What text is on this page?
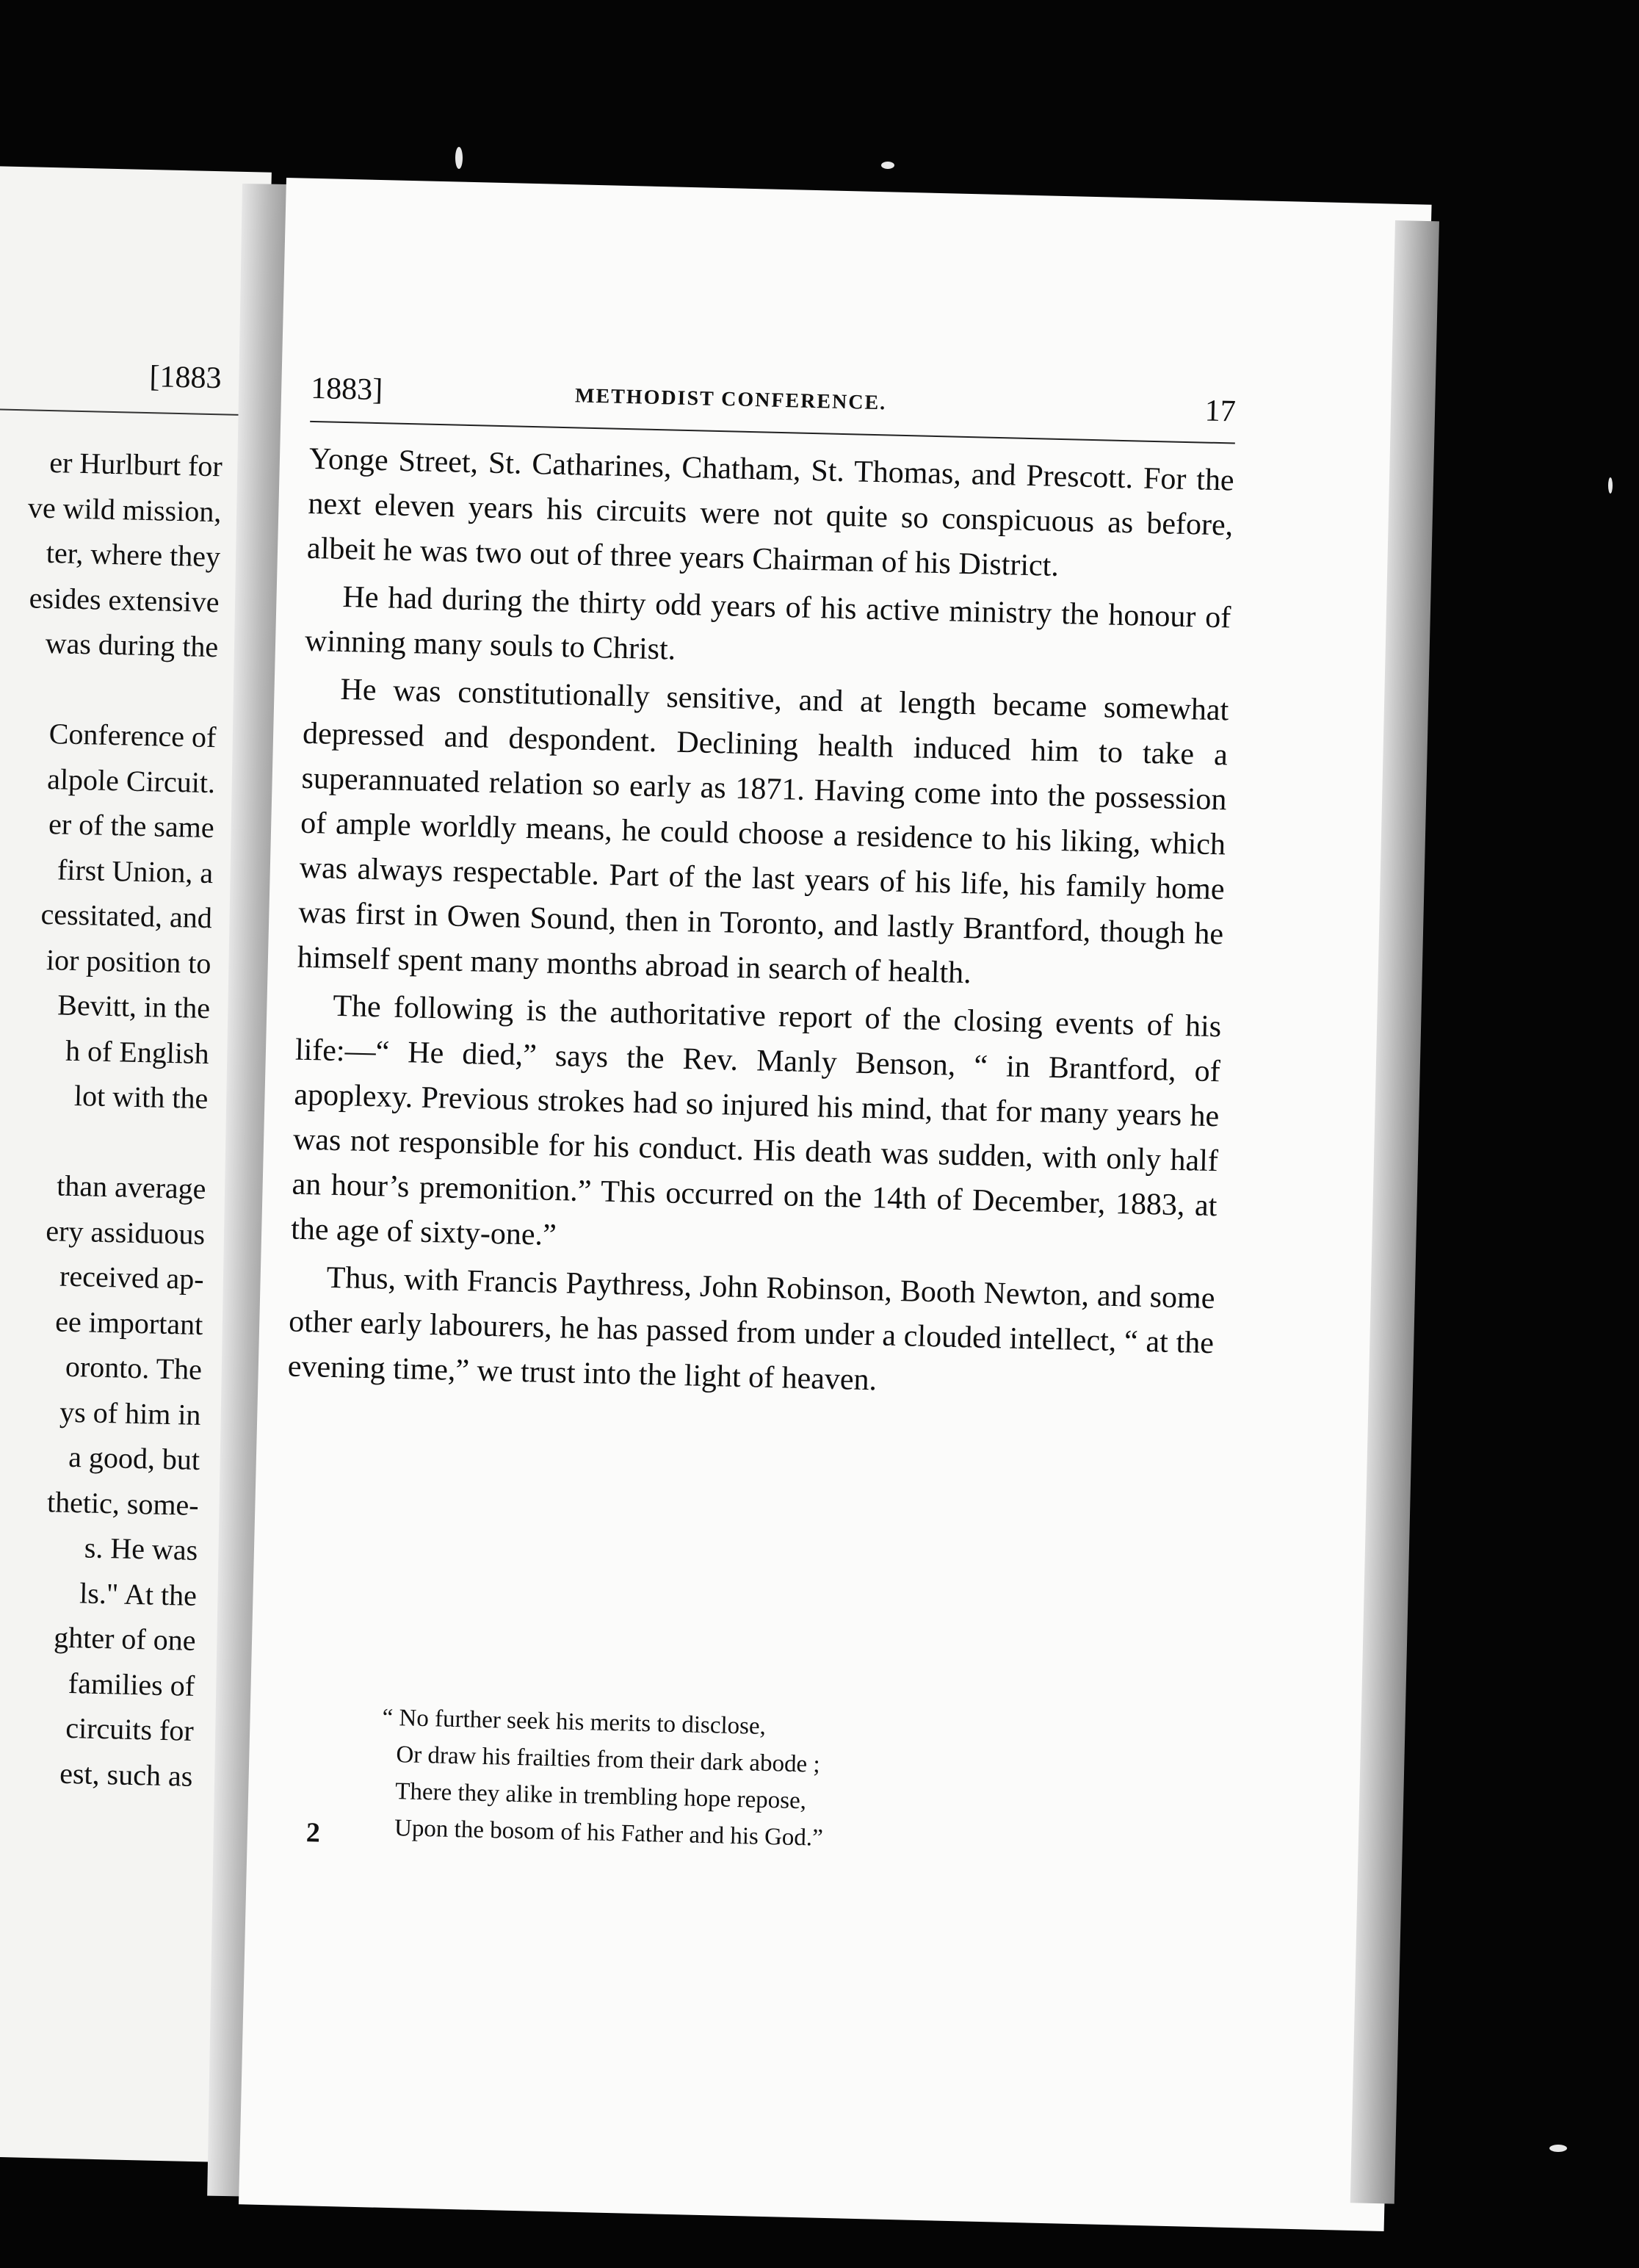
[1883
er Hurlburt for
ve wild mission,
ter, where they
esides extensive
was during the
Conference of
alpole Circuit.
er of the same
first Union, a
cessitated, and
ior position to
Bevitt, in the
h of English
lot with the
than average
ery assiduous
received ap-
ee important
oronto. The
ys of him in
a good, but
thetic, some-
s. He was
ls." At the
ghter of one
families of
circuits for
est, such as
1883]	METHODIST CONFERENCE.	17

Yonge Street, St. Catharines, Chatham, St. Thomas, and Prescott. For the next eleven years his circuits were not quite so conspicuous as before, albeit he was two out of three years Chairman of his District.

He had during the thirty odd years of his active ministry the honour of winning many souls to Christ.

He was constitutionally sensitive, and at length became somewhat depressed and despondent. Declining health induced him to take a superannuated relation so early as 1871. Having come into the possession of ample worldly means, he could choose a residence to his liking, which was always respectable. Part of the last years of his life, his family home was first in Owen Sound, then in Toronto, and lastly Brantford, though he himself spent many months abroad in search of health.

The following is the authoritative report of the closing events of his life:—“ He died,” says the Rev. Manly Benson, “ in Brantford, of apoplexy. Previous strokes had so injured his mind, that for many years he was not responsible for his conduct. His death was sudden, with only half an hour’s premonition.” This occurred on the 14th of December, 1883, at the age of sixty-one.”

Thus, with Francis Paythress, John Robinson, Booth Newton, and some other early labourers, he has passed from under a clouded intellect, “ at the evening time,” we trust into the light of heaven.

“ No further seek his merits to disclose,
Or draw his frailties from their dark abode ;
There they alike in trembling hope repose,
Upon the bosom of his Father and his God.”
2
